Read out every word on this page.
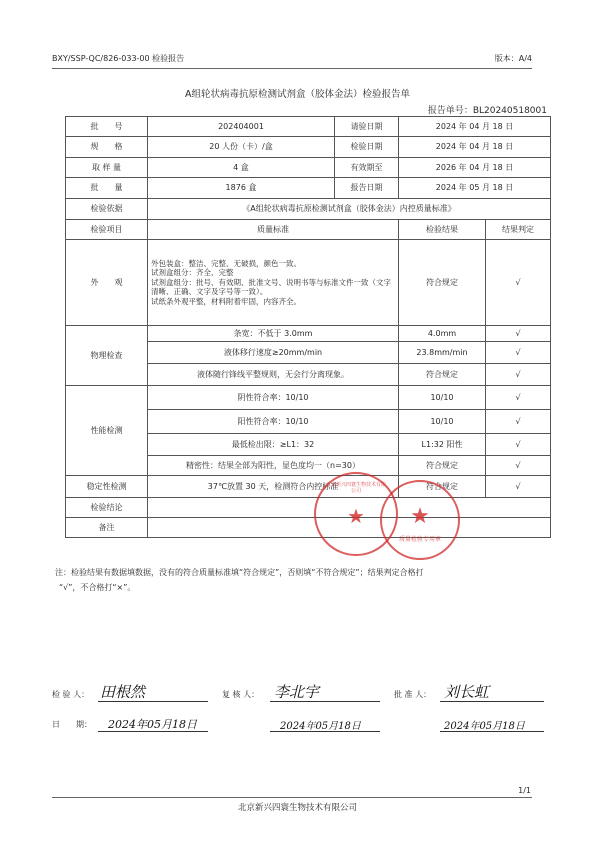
BXY/SSP-QC/826-033-00 检验报告	版本：A/4
A组轮状病毒抗原检测试剂盒（胶体金法）检验报告单
报告单号：BL20240518001
批　　号	202404001	请验日期	2024 年 04 月 18 日	
规　　格	20 人份（卡）/盒	检验日期	2024 年 04 月 18 日	
取 样 量	4 盒	有效期至	2026 年 04 月 18 日	
批　　量	1876 盒	报告日期	2024 年 05 月 18 日	
检验依据	《A组轮状病毒抗原检测试剂盒（胶体金法）内控质量标准》			
检验项目	质量标准		检验结果	结果判定
外　　观	外包装盒：整洁、完整、无破损，颜色一致。
试剂盒组分：齐全、完整
试剂盒组分：批号、有效期、批准文号、说明书等与标准文件一致（文字清晰、正确、文字及字号等一致）。
试纸条外观平整，材料附着牢固，内容齐全。		符合规定	√
物理检查	条宽：不低于 3.0mm		4.0mm	√
	液体移行速度≥20mm/min		23.8mm/min	√
	液体随行锋线平整规则，无会行分离现象。		符合规定	√
性能检测	阴性符合率：10/10		10/10	√
	阳性符合率：10/10		10/10	√
	最低检出限：≥L1：32		L1:32 阳性	√
	精密性：结果全部为阳性，显色度均一（n=30）		符合规定	√
稳定性检测	37℃放置 30 天，检测符合内控标准		符合规定	√
检验结论				
备注				
北京新兴四寰生物技术有限公司
★	★
质量检验专用章
注：检验结果有数据填数据，没有的符合质量标准填“符合规定”，否则填“不符合规定”；结果判定合格打
“√”，不合格打“×”。
检 验 人： 田根然	复 核 人： 李北宇	批 准 人： 刘长虹
日　　期： 2024年05月18日	2024年05月18日	2024年05月18日
1/1
北京新兴四寰生物技术有限公司
